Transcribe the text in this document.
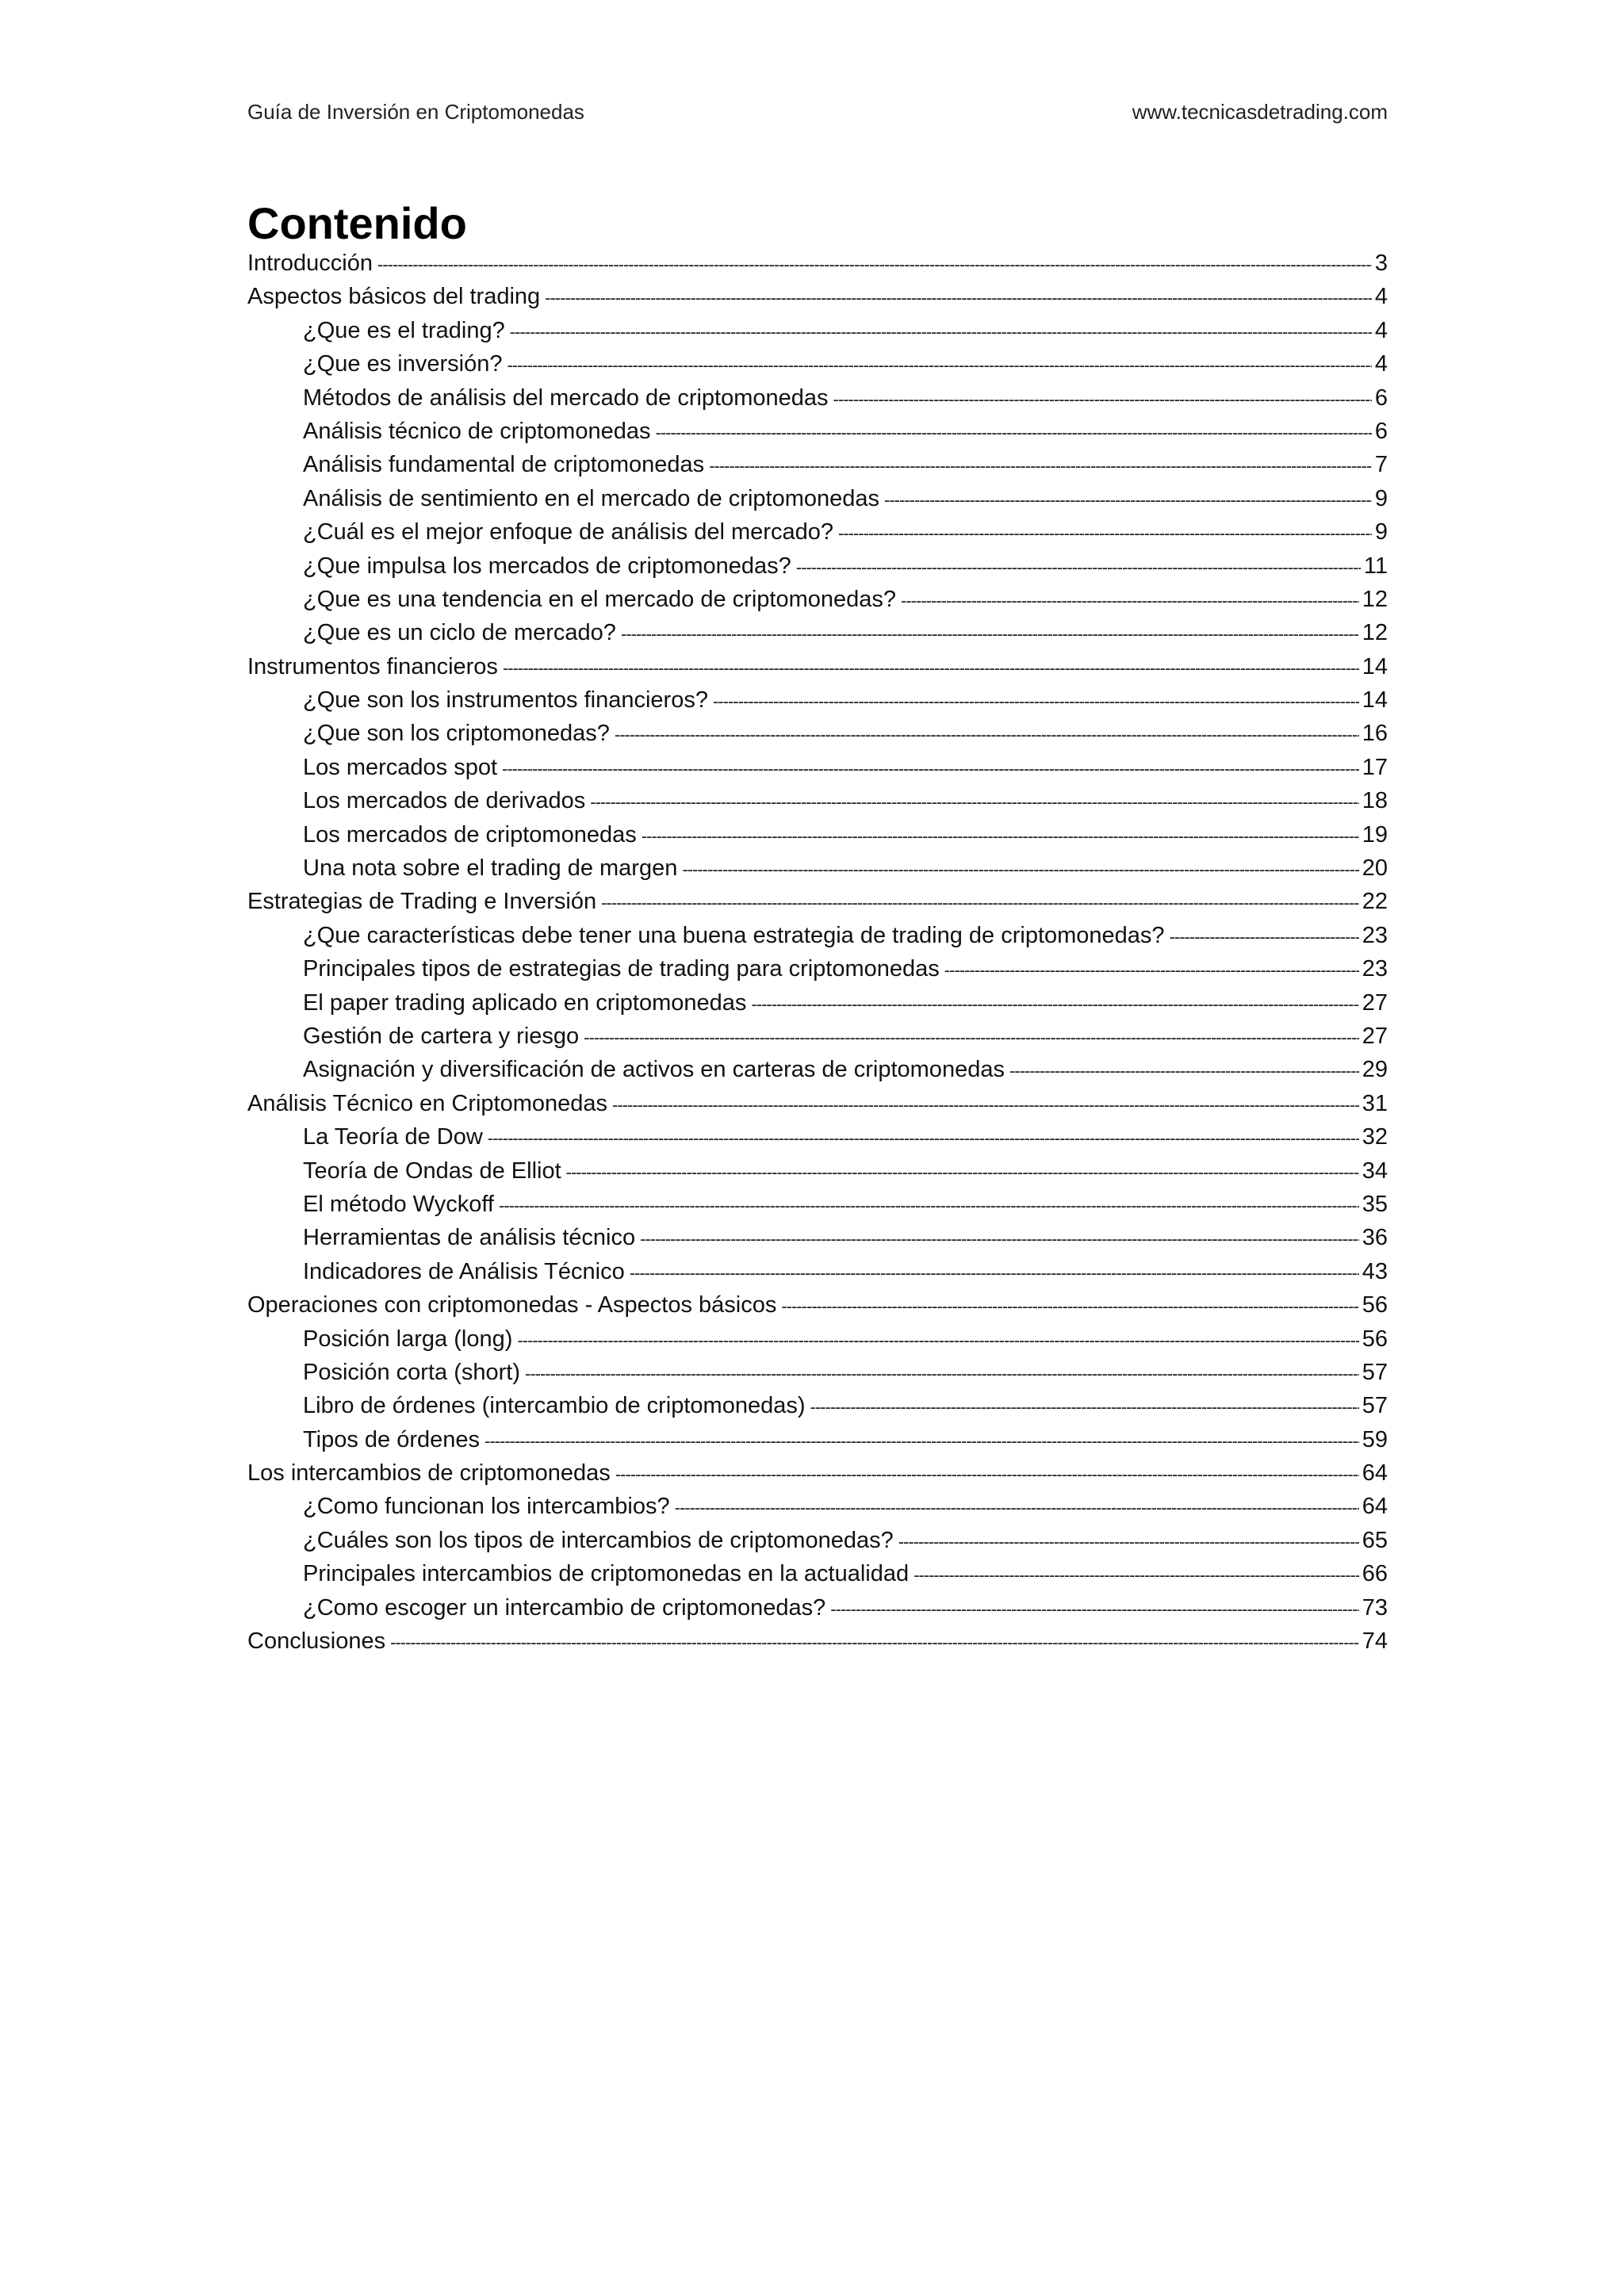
Guía de Inversión en Criptomonedas	www.tecnicasdetrading.com
Contenido
Introducción -----	3
Aspectos básicos del trading -----	4
¿Que es el trading? -----	4
¿Que es inversión? -----	4
Métodos de análisis del mercado de criptomonedas -----	6
Análisis técnico de criptomonedas -----	6
Análisis fundamental de criptomonedas -----	7
Análisis de sentimiento en el mercado de criptomonedas -----	9
¿Cuál es el mejor enfoque de análisis del mercado? -----	9
¿Que impulsa los mercados de criptomonedas? -----	11
¿Que es una tendencia en el mercado de criptomonedas? -----	12
¿Que es un ciclo de mercado? -----	12
Instrumentos financieros -----	14
¿Que son los instrumentos financieros? -----	14
¿Que son los criptomonedas? -----	16
Los mercados spot -----	17
Los mercados de derivados -----	18
Los mercados de criptomonedas -----	19
Una nota sobre el trading de margen -----	20
Estrategias de Trading e Inversión -----	22
¿Que características debe tener una buena estrategia de trading de criptomonedas? -----	23
Principales tipos de estrategias de trading para criptomonedas -----	23
El paper trading aplicado en criptomonedas -----	27
Gestión de cartera y riesgo -----	27
Asignación y diversificación de activos en carteras de criptomonedas -----	29
Análisis Técnico en Criptomonedas -----	31
La Teoría de Dow -----	32
Teoría de Ondas de Elliot -----	34
El método Wyckoff -----	35
Herramientas de análisis técnico -----	36
Indicadores de Análisis Técnico -----	43
Operaciones con criptomonedas - Aspectos básicos -----	56
Posición larga (long) -----	56
Posición corta (short) -----	57
Libro de órdenes (intercambio de criptomonedas) -----	57
Tipos de órdenes -----	59
Los intercambios de criptomonedas -----	64
¿Como funcionan los intercambios? -----	64
¿Cuáles son los tipos de intercambios de criptomonedas? -----	65
Principales intercambios de criptomonedas en la actualidad -----	66
¿Como escoger un intercambio de criptomonedas? -----	73
Conclusiones -----	74
